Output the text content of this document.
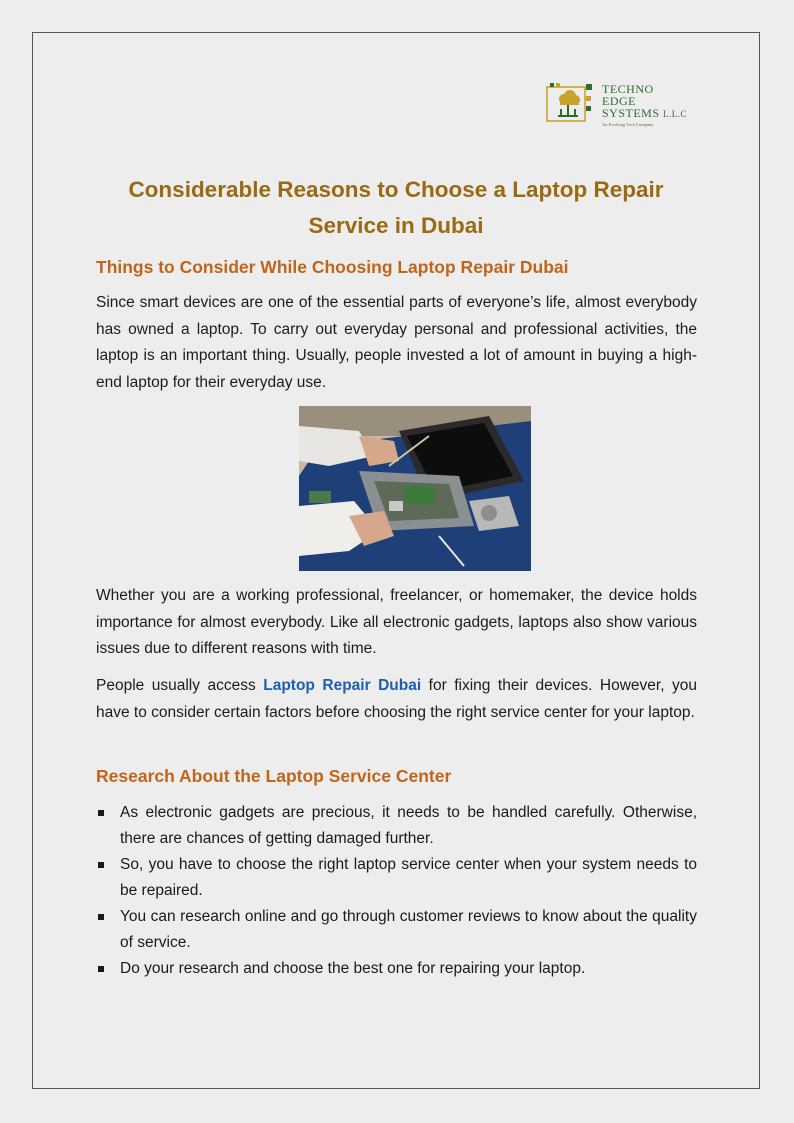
TECHNO
EDGE
SYSTEMS L.L.C
An Evolving Tech Company
Considerable Reasons to Choose a Laptop Repair Service in Dubai
Things to Consider While Choosing Laptop Repair Dubai
Since smart devices are one of the essential parts of everyone’s life, almost everybody has owned a laptop. To carry out everyday personal and professional activities, the laptop is an important thing. Usually, people invested a lot of amount in buying a high-end laptop for their everyday use.
Whether you are a working professional, freelancer, or homemaker, the device holds importance for almost everybody. Like all electronic gadgets, laptops also show various issues due to different reasons with time.
People usually access Laptop Repair Dubai for fixing their devices. However, you have to consider certain factors before choosing the right service center for your laptop.
Research About the Laptop Service Center
As electronic gadgets are precious, it needs to be handled carefully. Otherwise, there are chances of getting damaged further.
So, you have to choose the right laptop service center when your system needs to be repaired.
You can research online and go through customer reviews to know about the quality of service.
Do your research and choose the best one for repairing your laptop.
